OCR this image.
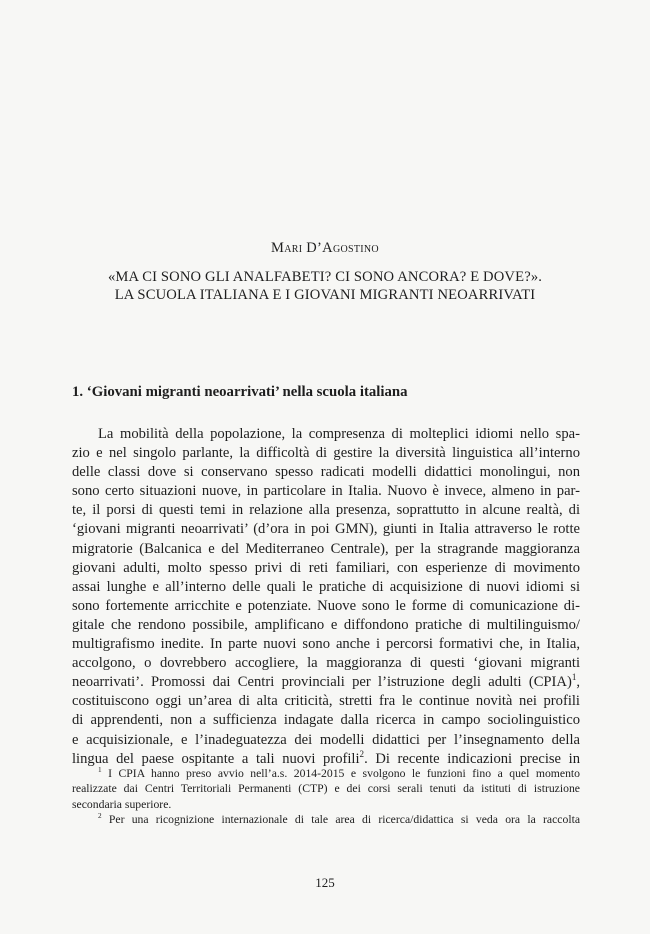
Mari D’Agostino
«MA CI SONO GLI ANALFABETI? CI SONO ANCORA? E DOVE?».
LA SCUOLA ITALIANA E I GIOVANI MIGRANTI NEOARRIVATI
1. ‘Giovani migranti neoarrivati’ nella scuola italiana
La mobilità della popolazione, la compresenza di molteplici idiomi nello spa-
zio e nel singolo parlante, la difficoltà di gestire la diversità linguistica all’interno
delle classi dove si conservano spesso radicati modelli didattici monolingui, non
sono certo situazioni nuove, in particolare in Italia. Nuovo è invece, almeno in par-
te, il porsi di questi temi in relazione alla presenza, soprattutto in alcune realtà, di
‘giovani migranti neoarrivati’ (d’ora in poi GMN), giunti in Italia attraverso le rotte
migratorie (Balcanica e del Mediterraneo Centrale), per la stragrande maggioranza
giovani adulti, molto spesso privi di reti familiari, con esperienze di movimento
assai lunghe e all’interno delle quali le pratiche di acquisizione di nuovi idiomi si
sono fortemente arricchite e potenziate. Nuove sono le forme di comunicazione di-
gitale che rendono possibile, amplificano e diffondono pratiche di multilinguismo/
multigrafismo inedite. In parte nuovi sono anche i percorsi formativi che, in Italia,
accolgono, o dovrebbero accogliere, la maggioranza di questi ‘giovani migranti
neoarrivati’. Promossi dai Centri provinciali per l’istruzione degli adulti (CPIA)$^1$,
costituiscono oggi un’area di alta criticità, stretti fra le continue novità nei profili
di apprendenti, non a sufficienza indagate dalla ricerca in campo sociolinguistico
e acquisizionale, e l’inadeguatezza dei modelli didattici per l’insegnamento della
lingua del paese ospitante a tali nuovi profili$^2$. Di recente indicazioni precise in
$^1$ I CPIA hanno preso avvio nell’a.s. 2014-2015 e svolgono le funzioni fino a quel momento
realizzate dai Centri Territoriali Permanenti (CTP) e dei corsi serali tenuti da istituti di istruzione
secondaria superiore.
$^2$ Per una ricognizione internazionale di tale area di ricerca/didattica si veda ora la raccolta
125
